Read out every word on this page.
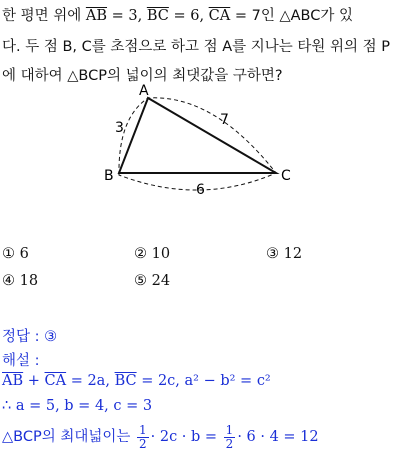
한 평면 위에 $\overline{AB} = 3$, $\overline{BC} = 6$, $\overline{CA} = 7$인 △ABC가 있
다. 두 점 B, C를 초점으로 하고 점 A를 지나는 타원 위의 점 P
에 대하여 △BCP의 넓이의 최댓값을 구하면?
A
B	C
3	7
6
① 6	② 10	③ 12
④ 18	⑤ 24
정답 : ③
해설 :
$\overline{AB} + \overline{CA} = 2a$, $\overline{BC} = 2c$, a² − b² = c²
∴ a = 5, b = 4, c = 3
△BCP의 최대넓이는 $\frac{1}{2} \cdot 2c \cdot b = \frac{1}{2} \cdot 6 \cdot 4 = 12$
